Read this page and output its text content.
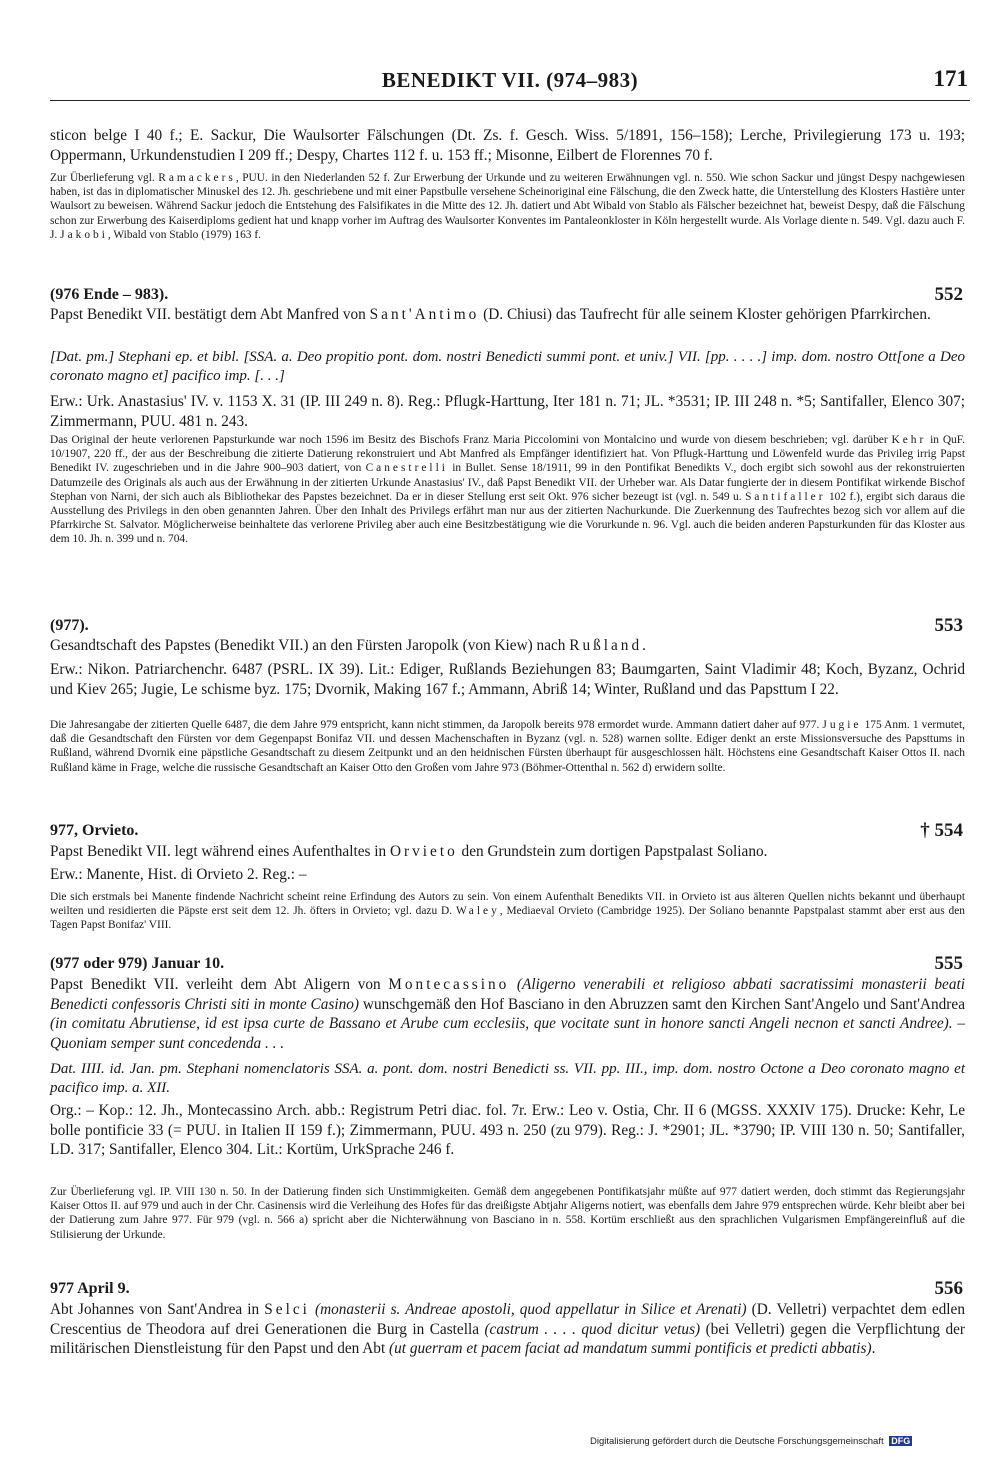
BENEDIKT VII. (974–983)	171
sticon belge I 40 f.; E. Sackur, Die Waulsorter Fälschungen (Dt. Zs. f. Gesch. Wiss. 5/1891, 156–158); Lerche, Privilegierung 173 u. 193; Oppermann, Urkundenstudien I 209 ff.; Despy, Chartes 112 f. u. 153 ff.; Misonne, Eilbert de Florennes 70 f.
Zur Überlieferung vgl. Ramackers, PUU. in den Niederlanden 52 f. Zur Erwerbung der Urkunde und zu weiteren Erwähnungen vgl. n. 550. Wie schon Sackur und jüngst Despy nachgewiesen haben, ist das in diplomatischer Minuskel des 12. Jh. geschriebene und mit einer Papstbulle versehene Scheinoriginal eine Fälschung, die den Zweck hatte, die Unterstellung des Klosters Hastière unter Waulsort zu beweisen. Während Sackur jedoch die Entstehung des Falsifikates in die Mitte des 12. Jh. datiert und Abt Wibald von Stablo als Fälscher bezeichnet hat, beweist Despy, daß die Fälschung schon zur Erwerbung des Kaiserdiploms gedient hat und knapp vorher im Auftrag des Waulsorter Konventes im Pantaleonkloster in Köln hergestellt wurde. Als Vorlage diente n. 549. Vgl. dazu auch F. J. Jakobi, Wibald von Stablo (1979) 163 f.
(976 Ende – 983).	552
Papst Benedikt VII. bestätigt dem Abt Manfred von Sant'Antimo (D. Chiusi) das Taufrecht für alle seinem Kloster gehörigen Pfarrkirchen.
[Dat. pm.] Stephani ep. et bibl. [SSA. a. Deo propitio pont. dom. nostri Benedicti summi pont. et univ.] VII. [pp. . . . .] imp. dom. nostro Ott[one a Deo coronato magno et] pacifico imp. [. . .]
Erw.: Urk. Anastasius' IV. v. 1153 X. 31 (IP. III 249 n. 8). Reg.: Pflugk-Harttung, Iter 181 n. 71; JL. *3531; IP. III 248 n. *5; Santifaller, Elenco 307; Zimmermann, PUU. 481 n. 243.
Das Original der heute verlorenen Papsturkunde war noch 1596 im Besitz des Bischofs Franz Maria Piccolomini von Montalcino und wurde von diesem beschrieben; vgl. darüber Kehr in QuF. 10/1907, 220 ff., der aus der Beschreibung die zitierte Datierung rekonstruiert und Abt Manfred als Empfänger identifiziert hat. Von Pflugk-Harttung und Löwenfeld wurde das Privileg irrig Papst Benedikt IV. zugeschrieben und in die Jahre 900–903 datiert, von Canestrelli in Bullet. Sense 18/1911, 99 in den Pontifikat Benedikts V., doch ergibt sich sowohl aus der rekonstruierten Datumzeile des Originals als auch aus der Erwähnung in der zitierten Urkunde Anastasius' IV., daß Papst Benedikt VII. der Urheber war. Als Datar fungierte der in diesem Pontifikat wirkende Bischof Stephan von Narni, der sich auch als Bibliothekar des Papstes bezeichnet. Da er in dieser Stellung erst seit Okt. 976 sicher bezeugt ist (vgl. n. 549 u. Santifaller 102 f.), ergibt sich daraus die Ausstellung des Privilegs in den oben genannten Jahren. Über den Inhalt des Privilegs erfährt man nur aus der zitierten Nachurkunde. Die Zuerkennung des Taufrechtes bezog sich vor allem auf die Pfarrkirche St. Salvator. Möglicherweise beinhaltete das verlorene Privileg aber auch eine Besitzbestätigung wie die Vorurkunde n. 96. Vgl. auch die beiden anderen Papsturkunden für das Kloster aus dem 10. Jh. n. 399 und n. 704.
(977).	553
Gesandtschaft des Papstes (Benedikt VII.) an den Fürsten Jaropolk (von Kiew) nach Rußland.
Erw.: Nikon. Patriarchenchr. 6487 (PSRL. IX 39). Lit.: Ediger, Rußlands Beziehungen 83; Baumgarten, Saint Vladimir 48; Koch, Byzanz, Ochrid und Kiev 265; Jugie, Le schisme byz. 175; Dvornik, Making 167 f.; Ammann, Abriß 14; Winter, Rußland und das Papsttum I 22.
Die Jahresangabe der zitierten Quelle 6487, die dem Jahre 979 entspricht, kann nicht stimmen, da Jaropolk bereits 978 ermordet wurde. Ammann datiert daher auf 977. Jugie 175 Anm. 1 vermutet, daß die Gesandtschaft den Fürsten vor dem Gegenpapst Bonifaz VII. und dessen Machenschaften in Byzanz (vgl. n. 528) warnen sollte. Ediger denkt an erste Missionsversuche des Papsttums in Rußland, während Dvornik eine päpstliche Gesandtschaft zu diesem Zeitpunkt und an den heidnischen Fürsten überhaupt für ausgeschlossen hält. Höchstens eine Gesandtschaft Kaiser Ottos II. nach Rußland käme in Frage, welche die russische Gesandtschaft an Kaiser Otto den Großen vom Jahre 973 (Böhmer-Ottenthal n. 562 d) erwidern sollte.
977, Orvieto.	† 554
Papst Benedikt VII. legt während eines Aufenthaltes in Orvieto den Grundstein zum dortigen Papstpalast Soliano.
Erw.: Manente, Hist. di Orvieto 2. Reg.: –
Die sich erstmals bei Manente findende Nachricht scheint reine Erfindung des Autors zu sein. Von einem Aufenthalt Benedikts VII. in Orvieto ist aus älteren Quellen nichts bekannt und überhaupt weilten und residierten die Päpste erst seit dem 12. Jh. öfters in Orvieto; vgl. dazu D. Waley, Mediaeval Orvieto (Cambridge 1925). Der Soliano benannte Papstpalast stammt aber erst aus den Tagen Papst Bonifaz' VIII.
(977 oder 979) Januar 10.	555
Papst Benedikt VII. verleiht dem Abt Aligern von Montecassino (Aligerno venerabili et religioso abbati sacratissimi monasterii beati Benedicti confessoris Christi siti in monte Casino) wunschgemäß den Hof Basciano in den Abruzzen samt den Kirchen Sant'Angelo und Sant'Andrea (in comitatu Abrutiense, id est ipsa curte de Bassano et Arube cum ecclesiis, que vocitate sunt in honore sancti Angeli necnon et sancti Andree). – Quoniam semper sunt concedenda . . .
Dat. IIII. id. Jan. pm. Stephani nomenclatoris SSA. a. pont. dom. nostri Benedicti ss. VII. pp. III., imp. dom. nostro Octone a Deo coronato magno et pacifico imp. a. XII.
Org.: – Kop.: 12. Jh., Montecassino Arch. abb.: Registrum Petri diac. fol. 7r. Erw.: Leo v. Ostia, Chr. II 6 (MGSS. XXXIV 175). Drucke: Kehr, Le bolle pontificie 33 (= PUU. in Italien II 159 f.); Zimmermann, PUU. 493 n. 250 (zu 979). Reg.: J. *2901; JL. *3790; IP. VIII 130 n. 50; Santifaller, LD. 317; Santifaller, Elenco 304. Lit.: Kortüm, UrkSprache 246 f.
Zur Überlieferung vgl. IP. VIII 130 n. 50. In der Datierung finden sich Unstimmigkeiten. Gemäß dem angegebenen Pontifikatsjahr müßte auf 977 datiert werden, doch stimmt das Regierungsjahr Kaiser Ottos II. auf 979 und auch in der Chr. Casinensis wird die Verleihung des Hofes für das dreißigste Abtjahr Aligerns notiert, was ebenfalls dem Jahre 979 entsprechen würde. Kehr bleibt aber bei der Datierung zum Jahre 977. Für 979 (vgl. n. 566 a) spricht aber die Nichterwähnung von Basciano in n. 558. Kortüm erschließt aus den sprachlichen Vulgarismen Empfängereinfluß auf die Stilisierung der Urkunde.
977 April 9.	556
Abt Johannes von Sant'Andrea in Selci (monasterii s. Andreae apostoli, quod appellatur in Silice et Arenati) (D. Velletri) verpachtet dem edlen Crescentius de Theodora auf drei Generationen die Burg in Castella (castrum . . . . quod dicitur vetus) (bei Velletri) gegen die Verpflichtung der militärischen Dienstleistung für den Papst und den Abt (ut guerram et pacem faciat ad mandatum summi pontificis et predicti abbatis).
Digitalisierung gefördert durch die Deutsche Forschungsgemeinschaft DFG
